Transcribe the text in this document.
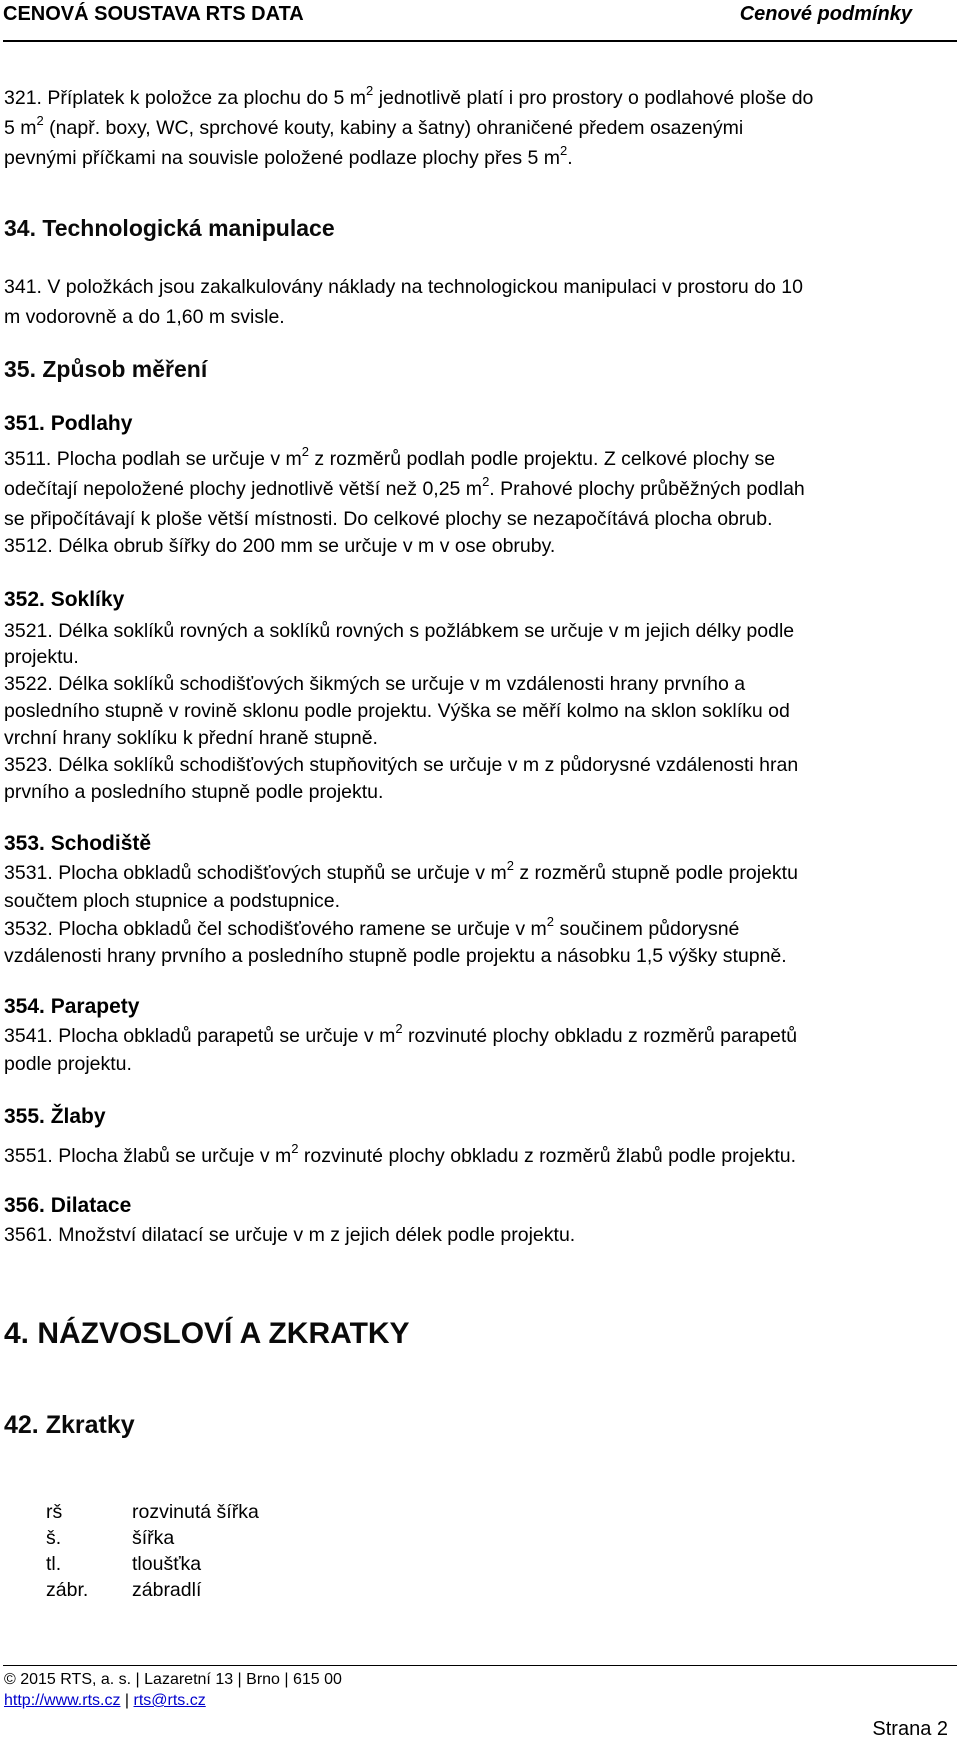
CENOVÁ SOUSTAVA RTS DATA	Cenové podmínky
321. Příplatek k položce za plochu do 5 $m^2$ jednotlivě platí i pro prostory o podlahové ploše do
5 $m^2$ (např. boxy, WC, sprchové kouty, kabiny a šatny) ohraničené předem osazenými
pevnými příčkami na souvisle položené podlaze plochy přes 5 $m^2$.
34. Technologická manipulace
341. V položkách jsou zakalkulovány náklady na technologickou manipulaci v prostoru do 10
m vodorovně a do 1,60 m svisle.
35. Způsob měření
351. Podlahy
3511. Plocha podlah se určuje v $m^2$ z rozměrů podlah podle projektu. Z celkové plochy se
odečítají nepoložené plochy jednotlivě větší než 0,25 $m^2$. Prahové plochy průběžných podlah
se připočítávají k ploše větší místnosti. Do celkové plochy se nezapočítává plocha obrub.
3512. Délka obrub šířky do 200 mm se určuje v m v ose obruby.
352. Soklíky
3521. Délka soklíků rovných a soklíků rovných s požlábkem se určuje v m jejich délky podle
projektu.
3522. Délka soklíků schodišťových šikmých se určuje v m vzdálenosti hrany prvního a
posledního stupně v rovině sklonu podle projektu. Výška se měří kolmo na sklon soklíku od
vrchní hrany soklíku k přední hraně stupně.
3523. Délka soklíků schodišťových stupňovitých se určuje v m z půdorysné vzdálenosti hran
prvního a posledního stupně podle projektu.
353. Schodiště
3531. Plocha obkladů schodišťových stupňů se určuje v $m^2$ z rozměrů stupně podle projektu
součtem ploch stupnice a podstupnice.
3532. Plocha obkladů čel schodišťového ramene se určuje v $m^2$ součinem půdorysné
vzdálenosti hrany prvního a posledního stupně podle projektu a násobku 1,5 výšky stupně.
354. Parapety
3541. Plocha obkladů parapetů se určuje v $m^2$ rozvinuté plochy obkladu z rozměrů parapetů
podle projektu.
355. Žlaby
3551. Plocha žlabů se určuje v $m^2$ rozvinuté plochy obkladu z rozměrů žlabů podle projektu.
356. Dilatace
3561. Množství dilatací se určuje v m z jejich délek podle projektu.
4. NÁZVOSLOVÍ A ZKRATKY
42. Zkratky
rš	rozvinutá šířka
š.	šířka
tl.	tloušťka
zábr. zábradlí
© 2015 RTS, a. s. | Lazaretní 13 | Brno | 615 00
http://www.rts.cz | rts@rts.cz
Strana 2
